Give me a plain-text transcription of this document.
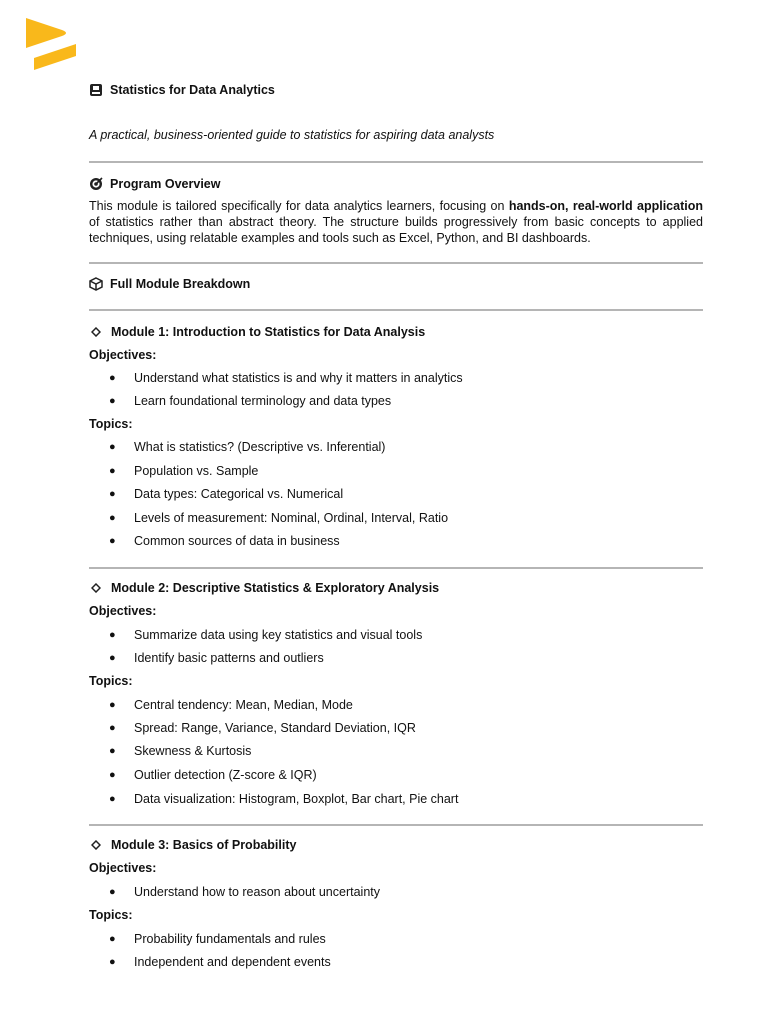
Statistics for Data Analytics
A practical, business-oriented guide to statistics for aspiring data analysts
Program Overview
This module is tailored specifically for data analytics learners, focusing on hands-on, real-world application of statistics rather than abstract theory. The structure builds progressively from basic concepts to applied techniques, using relatable examples and tools such as Excel, Python, and BI dashboards.
Full Module Breakdown
Module 1: Introduction to Statistics for Data Analysis
Objectives:
●	Understand what statistics is and why it matters in analytics
●	Learn foundational terminology and data types
Topics:
●	What is statistics? (Descriptive vs. Inferential)
●	Population vs. Sample
●	Data types: Categorical vs. Numerical
●	Levels of measurement: Nominal, Ordinal, Interval, Ratio
●	Common sources of data in business
Module 2: Descriptive Statistics & Exploratory Analysis
Objectives:
●	Summarize data using key statistics and visual tools
●	Identify basic patterns and outliers
Topics:
●	Central tendency: Mean, Median, Mode
●	Spread: Range, Variance, Standard Deviation, IQR
●	Skewness & Kurtosis
●	Outlier detection (Z-score & IQR)
●	Data visualization: Histogram, Boxplot, Bar chart, Pie chart
Module 3: Basics of Probability
Objectives:
●	Understand how to reason about uncertainty
Topics:
●	Probability fundamentals and rules
●	Independent and dependent events
